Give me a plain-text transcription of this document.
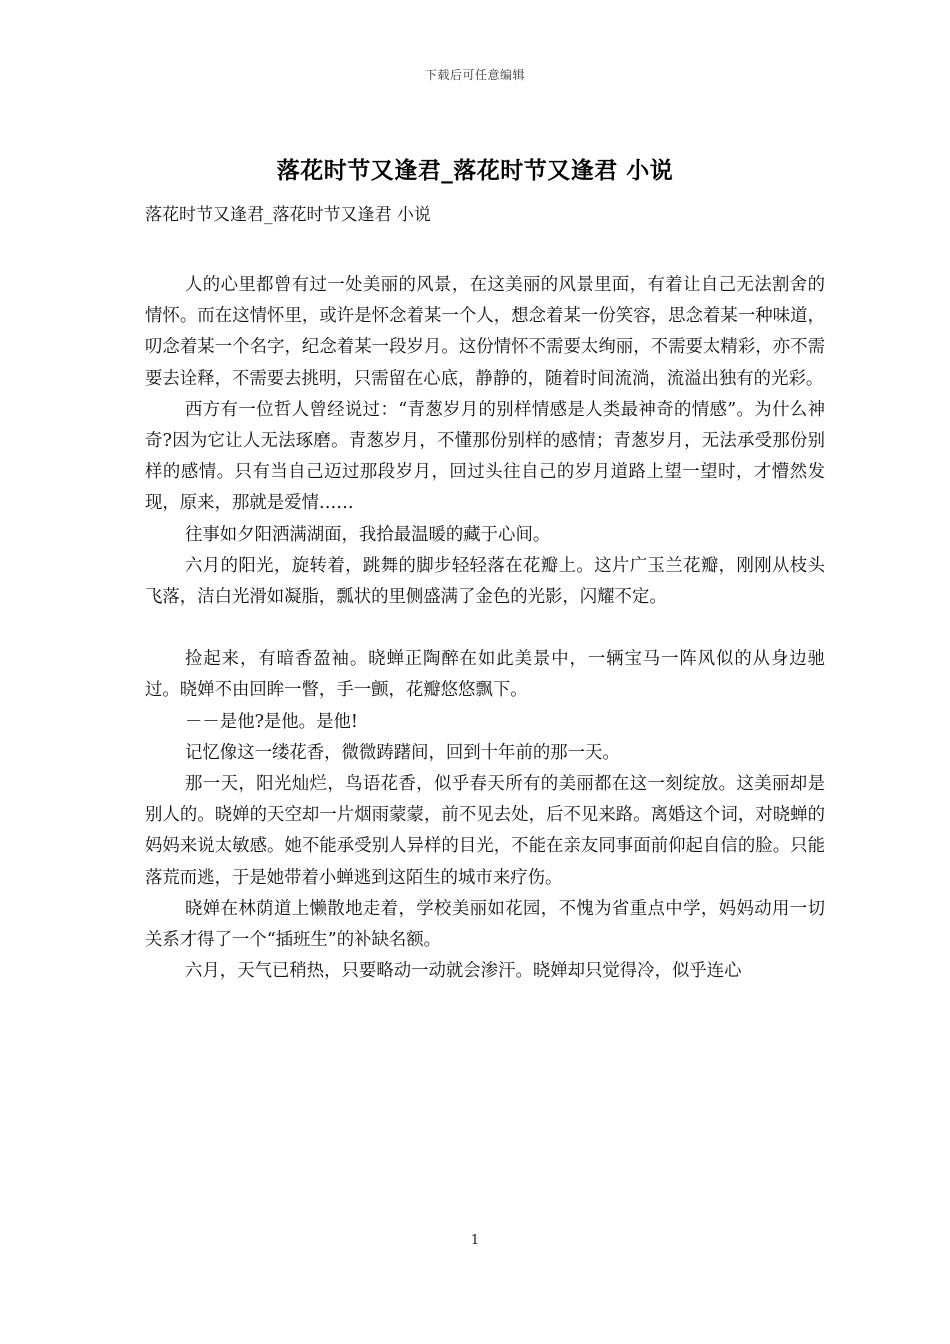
下载后可任意编辑
落花时节又逢君_落花时节又逢君 小说
落花时节又逢君_落花时节又逢君 小说

人的心里都曾有过一处美丽的风景，在这美丽的风景里面，有着让自己无法割舍的情怀。而在这情怀里，或许是怀念着某一个人，想念着某一份笑容，思念着某一种味道，叨念着某一个名字，纪念着某一段岁月。这份情怀不需要太绚丽，不需要太精彩，亦不需要去诠释，不需要去挑明，只需留在心底，静静的，随着时间流淌，流溢出独有的光彩。

西方有一位哲人曾经说过：“青葱岁月的别样情感是人类最神奇的情感”。为什么神奇?因为它让人无法琢磨。青葱岁月，不懂那份别样的感情；青葱岁月，无法承受那份别样的感情。只有当自己迈过那段岁月，回过头往自己的岁月道路上望一望时，才懵然发现，原来，那就是爱情……

往事如夕阳洒满湖面，我拾最温暖的藏于心间。

六月的阳光，旋转着，跳舞的脚步轻轻落在花瓣上。这片广玉兰花瓣，刚刚从枝头飞落，洁白光滑如凝脂，瓢状的里侧盛满了金色的光影，闪耀不定。

捡起来，有暗香盈袖。晓蝉正陶醉在如此美景中，一辆宝马一阵风似的从身边驰过。晓婵不由回眸一瞥，手一颤，花瓣悠悠飘下。

－－是他?是他。是他!

记忆像这一缕花香，微微踌躇间，回到十年前的那一天。

那一天，阳光灿烂，鸟语花香，似乎春天所有的美丽都在这一刻绽放。这美丽却是别人的。晓婵的天空却一片烟雨蒙蒙，前不见去处，后不见来路。离婚这个词，对晓蝉的妈妈来说太敏感。她不能承受别人异样的目光，不能在亲友同事面前仰起自信的脸。只能落荒而逃，于是她带着小蝉逃到这陌生的城市来疗伤。

晓婵在林荫道上懒散地走着，学校美丽如花园，不愧为省重点中学，妈妈动用一切关系才得了一个“插班生”的补缺名额。

六月，天气已稍热，只要略动一动就会渗汗。晓婵却只觉得冷，似乎连心

1
